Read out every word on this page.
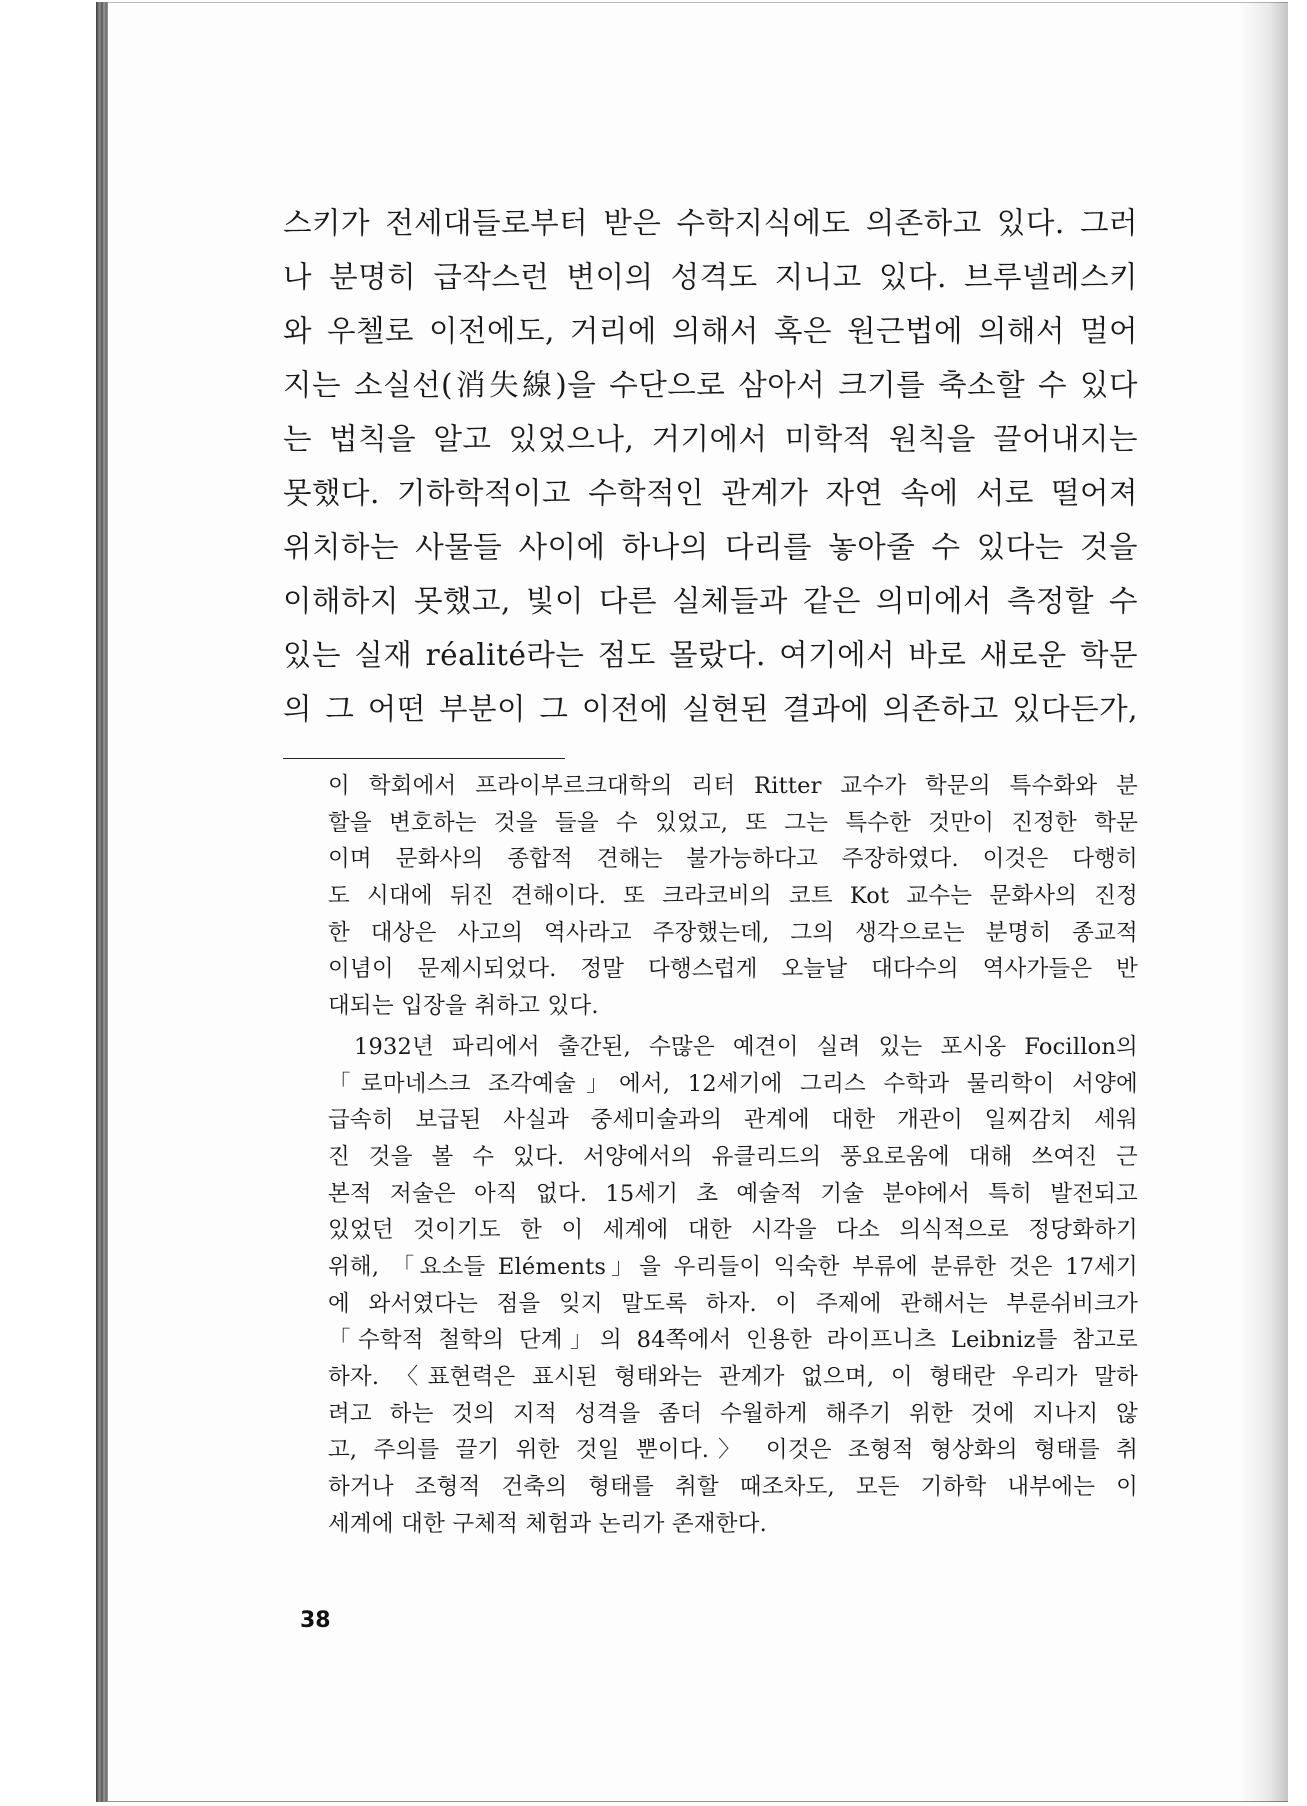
스키가 전세대들로부터 받은 수학지식에도 의존하고 있다. 그러
나 분명히 급작스런 변이의 성격도 지니고 있다. 브루넬레스키
와 우첼로 이전에도, 거리에 의해서 혹은 원근법에 의해서 멀어
지는 소실선(消失線)을 수단으로 삼아서 크기를 축소할 수 있다
는 법칙을 알고 있었으나, 거기에서 미학적 원칙을 끌어내지는
못했다. 기하학적이고 수학적인 관계가 자연 속에 서로 떨어져
위치하는 사물들 사이에 하나의 다리를 놓아줄 수 있다는 것을
이해하지 못했고, 빛이 다른 실체들과 같은 의미에서 측정할 수
있는 실재 réalité라는 점도 몰랐다. 여기에서 바로 새로운 학문
의 그 어떤 부분이 그 이전에 실현된 결과에 의존하고 있다든가,
이 학회에서 프라이부르크대학의 리터 Ritter 교수가 학문의 특수화와 분
할을 변호하는 것을 들을 수 있었고, 또 그는 특수한 것만이 진정한 학문
이며 문화사의 종합적 견해는 불가능하다고 주장하였다. 이것은 다행히
도 시대에 뒤진 견해이다. 또 크라코비의 코트 Kot 교수는 문화사의 진정
한 대상은 사고의 역사라고 주장했는데, 그의 생각으로는 분명히 종교적
이념이 문제시되었다. 정말 다행스럽게 오늘날 대다수의 역사가들은 반
대되는 입장을 취하고 있다.
1932년 파리에서 출간된, 수많은 예견이 실려 있는 포시옹 Focillon의
「로마네스크 조각예술」에서, 12세기에 그리스 수학과 물리학이 서양에
급속히 보급된 사실과 중세미술과의 관계에 대한 개관이 일찌감치 세워
진 것을 볼 수 있다. 서양에서의 유클리드의 풍요로움에 대해 쓰여진 근
본적 저술은 아직 없다. 15세기 초 예술적 기술 분야에서 특히 발전되고
있었던 것이기도 한 이 세계에 대한 시각을 다소 의식적으로 정당화하기
위해, 「요소들 Eléments」을 우리들이 익숙한 부류에 분류한 것은 17세기
에 와서였다는 점을 잊지 말도록 하자. 이 주제에 관해서는 부룬쉬비크가
「수학적 철학의 단계」의 84쪽에서 인용한 라이프니츠 Leibniz를 참고로
하자. 〈표현력은 표시된 형태와는 관계가 없으며, 이 형태란 우리가 말하
려고 하는 것의 지적 성격을 좀더 수월하게 해주기 위한 것에 지나지 않
고, 주의를 끌기 위한 것일 뿐이다.〉 이것은 조형적 형상화의 형태를 취
하거나 조형적 건축의 형태를 취할 때조차도, 모든 기하학 내부에는 이
세계에 대한 구체적 체험과 논리가 존재한다.
38
